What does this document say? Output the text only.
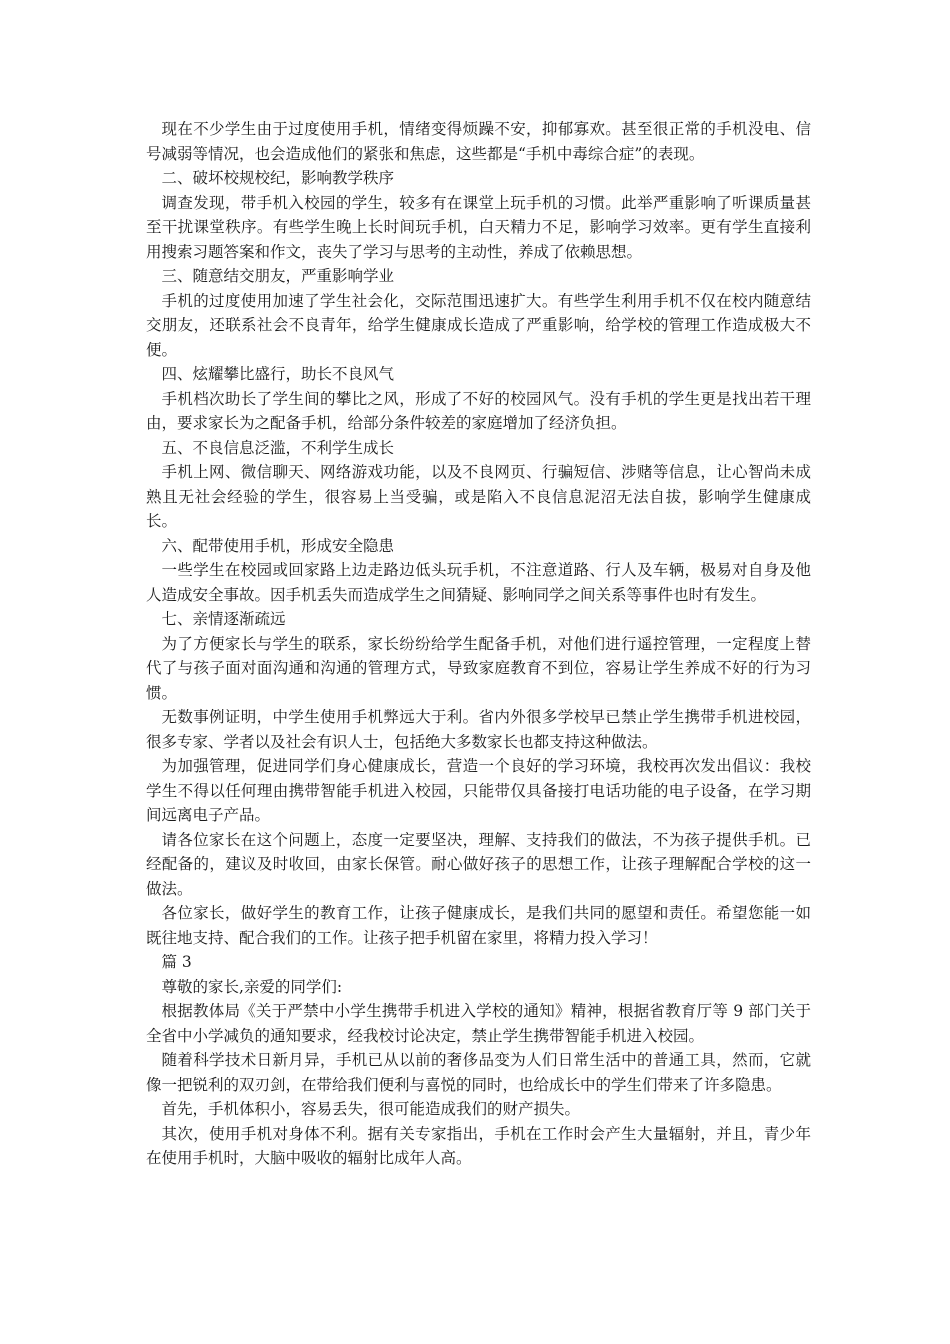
现在不少学生由于过度使用手机，情绪变得烦躁不安，抑郁寡欢。甚至很正常的手机没电、信号减弱等情况，也会造成他们的紧张和焦虑，这些都是“手机中毒综合症”的表现。

二、破坏校规校纪，影响教学秩序

调查发现，带手机入校园的学生，较多有在课堂上玩手机的习惯。此举严重影响了听课质量甚至干扰课堂秩序。有些学生晚上长时间玩手机，白天精力不足，影响学习效率。更有学生直接利用搜索习题答案和作文，丧失了学习与思考的主动性，养成了依赖思想。

三、随意结交朋友，严重影响学业

手机的过度使用加速了学生社会化，交际范围迅速扩大。有些学生利用手机不仅在校内随意结交朋友，还联系社会不良青年，给学生健康成长造成了严重影响，给学校的管理工作造成极大不便。

四、炫耀攀比盛行，助长不良风气

手机档次助长了学生间的攀比之风，形成了不好的校园风气。没有手机的学生更是找出若干理由，要求家长为之配备手机，给部分条件较差的家庭增加了经济负担。

五、不良信息泛滥，不利学生成长

手机上网、微信聊天、网络游戏功能，以及不良网页、行骗短信、涉赌等信息，让心智尚未成熟且无社会经验的学生，很容易上当受骗，或是陷入不良信息泥沼无法自拔，影响学生健康成长。

六、配带使用手机，形成安全隐患

一些学生在校园或回家路上边走路边低头玩手机，不注意道路、行人及车辆，极易对自身及他人造成安全事故。因手机丢失而造成学生之间猜疑、影响同学之间关系等事件也时有发生。

七、亲情逐渐疏远

为了方便家长与学生的联系，家长纷纷给学生配备手机，对他们进行遥控管理，一定程度上替代了与孩子面对面沟通和沟通的管理方式，导致家庭教育不到位，容易让学生养成不好的行为习惯。

无数事例证明，中学生使用手机弊远大于利。省内外很多学校早已禁止学生携带手机进校园，很多专家、学者以及社会有识人士，包括绝大多数家长也都支持这种做法。

为加强管理，促进同学们身心健康成长，营造一个良好的学习环境，我校再次发出倡议：我校学生不得以任何理由携带智能手机进入校园，只能带仅具备接打电话功能的电子设备，在学习期间远离电子产品。

请各位家长在这个问题上，态度一定要坚决，理解、支持我们的做法，不为孩子提供手机。已经配备的，建议及时收回，由家长保管。耐心做好孩子的思想工作，让孩子理解配合学校的这一做法。

各位家长，做好学生的教育工作，让孩子健康成长，是我们共同的愿望和责任。希望您能一如既往地支持、配合我们的工作。让孩子把手机留在家里，将精力投入学习！

篇 3

尊敬的家长,亲爱的同学们:

根据教体局《关于严禁中小学生携带手机进入学校的通知》精神，根据省教育厅等 9 部门关于全省中小学减负的通知要求，经我校讨论决定，禁止学生携带智能手机进入校园。

随着科学技术日新月异，手机已从以前的奢侈品变为人们日常生活中的普通工具，然而，它就像一把锐利的双刃剑，在带给我们便利与喜悦的同时，也给成长中的学生们带来了许多隐患。

首先，手机体积小，容易丢失，很可能造成我们的财产损失。

其次，使用手机对身体不利。据有关专家指出，手机在工作时会产生大量辐射，并且，青少年在使用手机时，大脑中吸收的辐射比成年人高。
